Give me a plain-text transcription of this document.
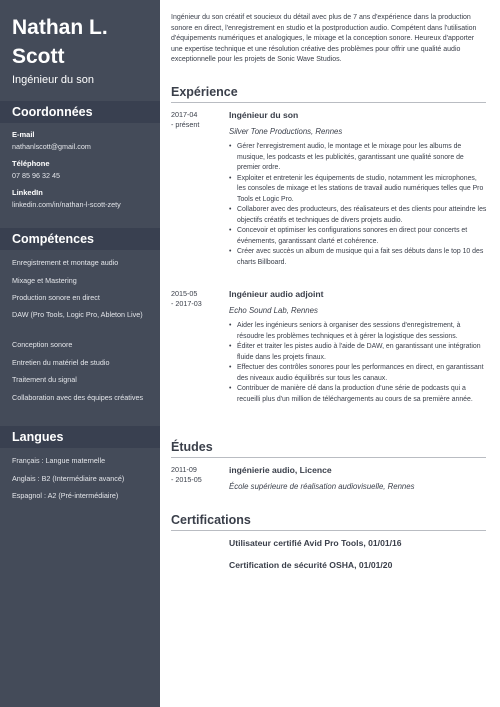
Nathan L.
Scott
Ingénieur du son
Coordonnées
E-mail
nathanlscott@gmail.com
Téléphone
07 85 96 32 45
LinkedIn
linkedin.com/in/nathan-l-scott-zety
Compétences
Enregistrement et montage audio
Mixage et Mastering
Production sonore en direct
DAW (Pro Tools, Logic Pro, Ableton Live)
Conception sonore
Entretien du matériel de studio
Traitement du signal
Collaboration avec des équipes créatives
Langues
Français : Langue maternelle
Anglais : B2 (Intermédiaire avancé)
Espagnol : A2 (Pré-intermédiaire)
Ingénieur du son créatif et soucieux du détail avec plus de 7 ans d'expérience dans la production sonore en direct, l'enregistrement en studio et la postproduction audio. Compétent dans l'utilisation d'équipements numériques et analogiques, le mixage et la conception sonore. Heureux d'apporter une expertise technique et une résolution créative des problèmes pour offrir une qualité audio exceptionnelle pour les projets de Sonic Wave Studios.
Expérience
2017-04
- présent
Ingénieur du son
Silver Tone Productions, Rennes
• Gérer l'enregistrement audio, le montage et le mixage pour les albums de musique, les podcasts et les publicités, garantissant une qualité sonore de premier ordre.
• Exploiter et entretenir les équipements de studio, notamment les microphones, les consoles de mixage et les stations de travail audio numériques telles que Pro Tools et Logic Pro.
• Collaborer avec des producteurs, des réalisateurs et des clients pour atteindre les objectifs créatifs et techniques de divers projets audio.
• Concevoir et optimiser les configurations sonores en direct pour concerts et événements, garantissant clarté et cohérence.
• Créer avec succès un album de musique qui a fait ses débuts dans le top 10 des charts Billboard.
2015-05
- 2017-03
Ingénieur audio adjoint
Echo Sound Lab, Rennes
• Aider les ingénieurs seniors à organiser des sessions d'enregistrement, à résoudre les problèmes techniques et à gérer la logistique des sessions.
• Éditer et traiter les pistes audio à l'aide de DAW, en garantissant une intégration fluide dans les projets finaux.
• Effectuer des contrôles sonores pour les performances en direct, en garantissant des niveaux audio équilibrés sur tous les canaux.
• Contribuer de manière clé dans la production d'une série de podcasts qui a recueilli plus d'un million de téléchargements au cours de sa première année.
Études
2011-09
- 2015-05
ingénierie audio, Licence
École supérieure de réalisation audiovisuelle, Rennes
Certifications
Utilisateur certifié Avid Pro Tools, 01/01/16
Certification de sécurité OSHA, 01/01/20
